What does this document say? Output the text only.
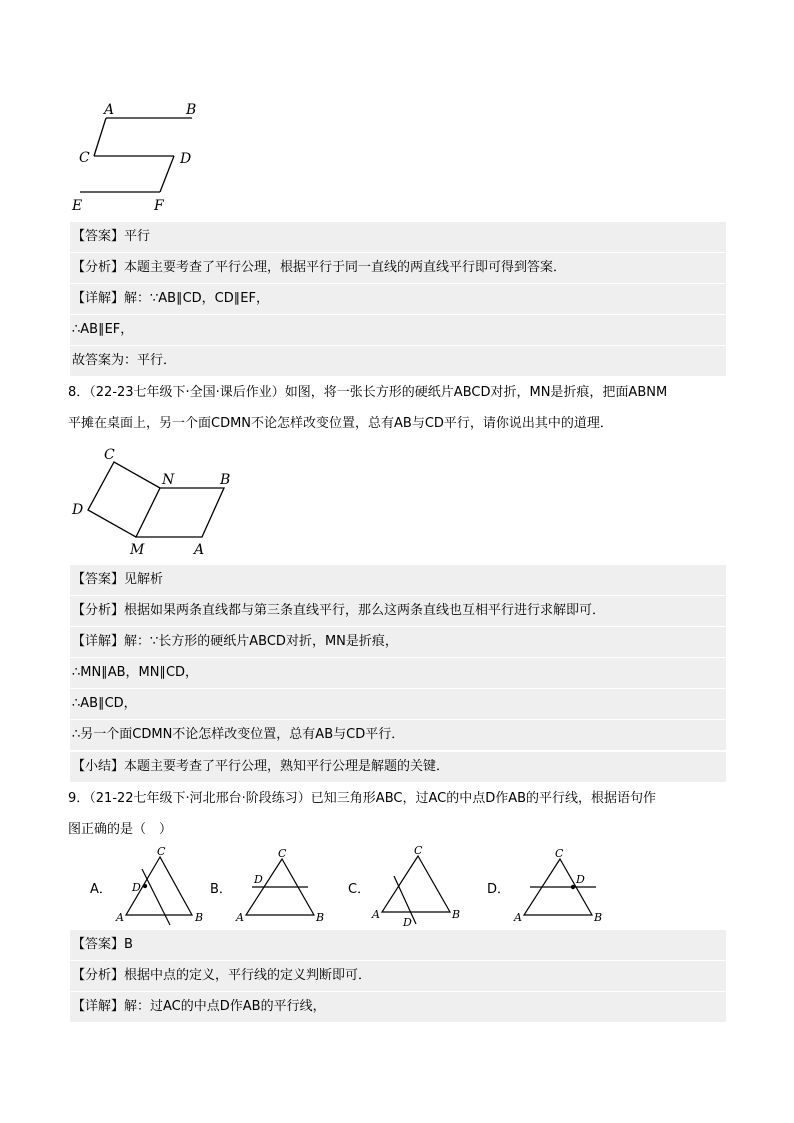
A	B
C	D
E	F
【答案】平行
【分析】本题主要考查了平行公理，根据平行于同一直线的两直线平行即可得到答案．
【详解】解：∵AB∥CD，CD∥EF，
∴AB∥EF，
故答案为：平行．
8．（22-23七年级下·全国·课后作业）如图，将一张长方形的硬纸片ABCD对折，MN是折痕，把面ABNM
平摊在桌面上，另一个面CDMN不论怎样改变位置，总有AB与CD平行，请你说出其中的道理．
C
D
N	B
M	A
【答案】见解析
【分析】根据如果两条直线都与第三条直线平行，那么这两条直线也互相平行进行求解即可．
【详解】解：∵长方形的硬纸片ABCD对折，MN是折痕，
∴MN∥AB，MN∥CD，
∴AB∥CD，
∴另一个面CDMN不论怎样改变位置，总有AB与CD平行．
【小结】本题主要考查了平行公理，熟知平行公理是解题的关键．
9．（21-22七年级下·河北邢台·阶段练习）已知三角形ABC，过AC的中点D作AB的平行线，根据语句作
图正确的是（　）
A．
C
D
A	B
B．
C
D
A	B
C．
C
A	B
D
D．
C
D
A	B
【答案】B
【分析】根据中点的定义，平行线的定义判断即可．
【详解】解：过AC的中点D作AB的平行线，
